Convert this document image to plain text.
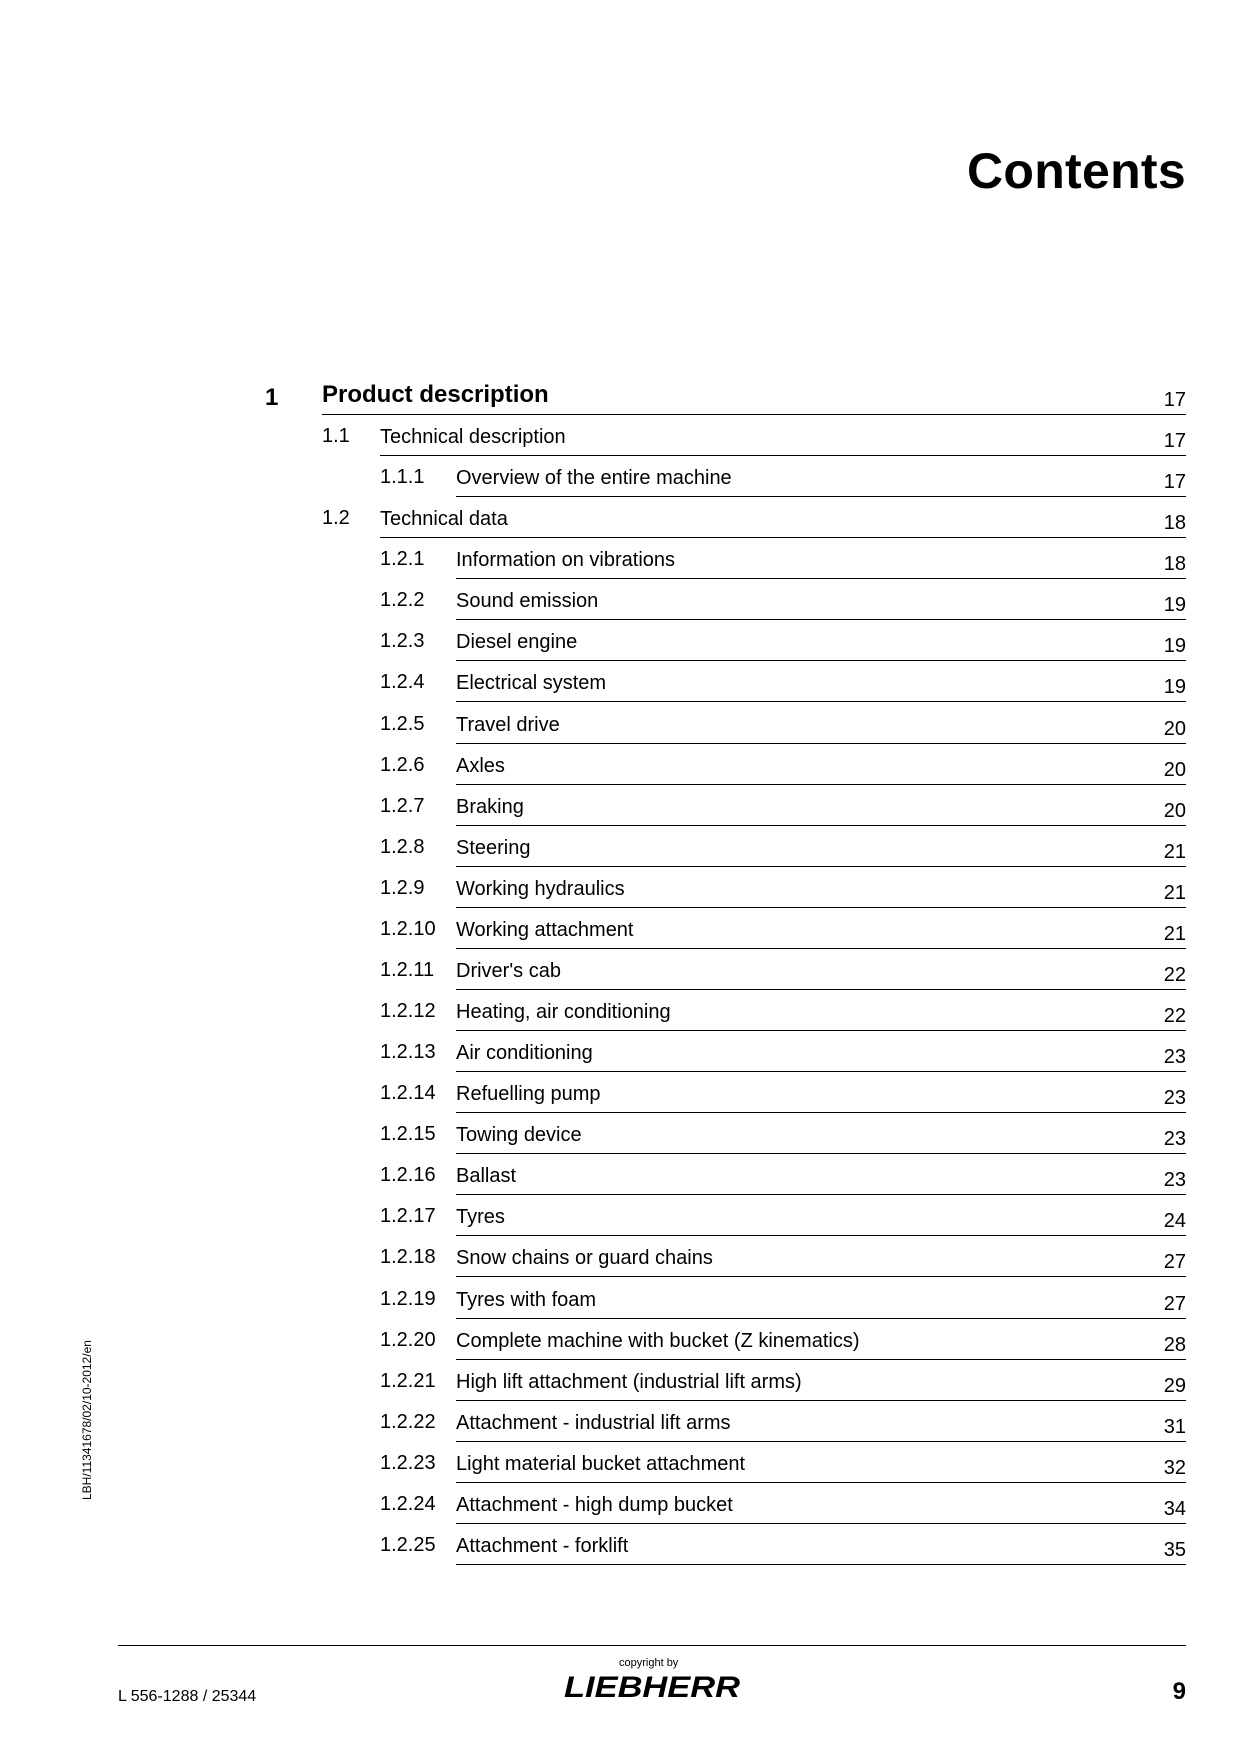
Contents
1 Product description	17
1.1 Technical description	17
1.1.1 Overview of the entire machine	17
1.2 Technical data	18
1.2.1 Information on vibrations	18
1.2.2 Sound emission	19
1.2.3 Diesel engine	19
1.2.4 Electrical system	19
1.2.5 Travel drive	20
1.2.6 Axles	20
1.2.7 Braking	20
1.2.8 Steering	21
1.2.9 Working hydraulics	21
1.2.10 Working attachment	21
1.2.11 Driver's cab	22
1.2.12 Heating, air conditioning	22
1.2.13 Air conditioning	23
1.2.14 Refuelling pump	23
1.2.15 Towing device	23
1.2.16 Ballast	23
1.2.17 Tyres	24
1.2.18 Snow chains or guard chains	27
1.2.19 Tyres with foam	27
1.2.20 Complete machine with bucket (Z kinematics)	28
1.2.21 High lift attachment (industrial lift arms)	29
1.2.22 Attachment - industrial lift arms	31
1.2.23 Light material bucket attachment	32
1.2.24 Attachment - high dump bucket	34
1.2.25 Attachment - forklift	35
LBH/11341678/02/10-2012/en
L 556-1288 / 25344
copyright by
LIEBHERR	9
